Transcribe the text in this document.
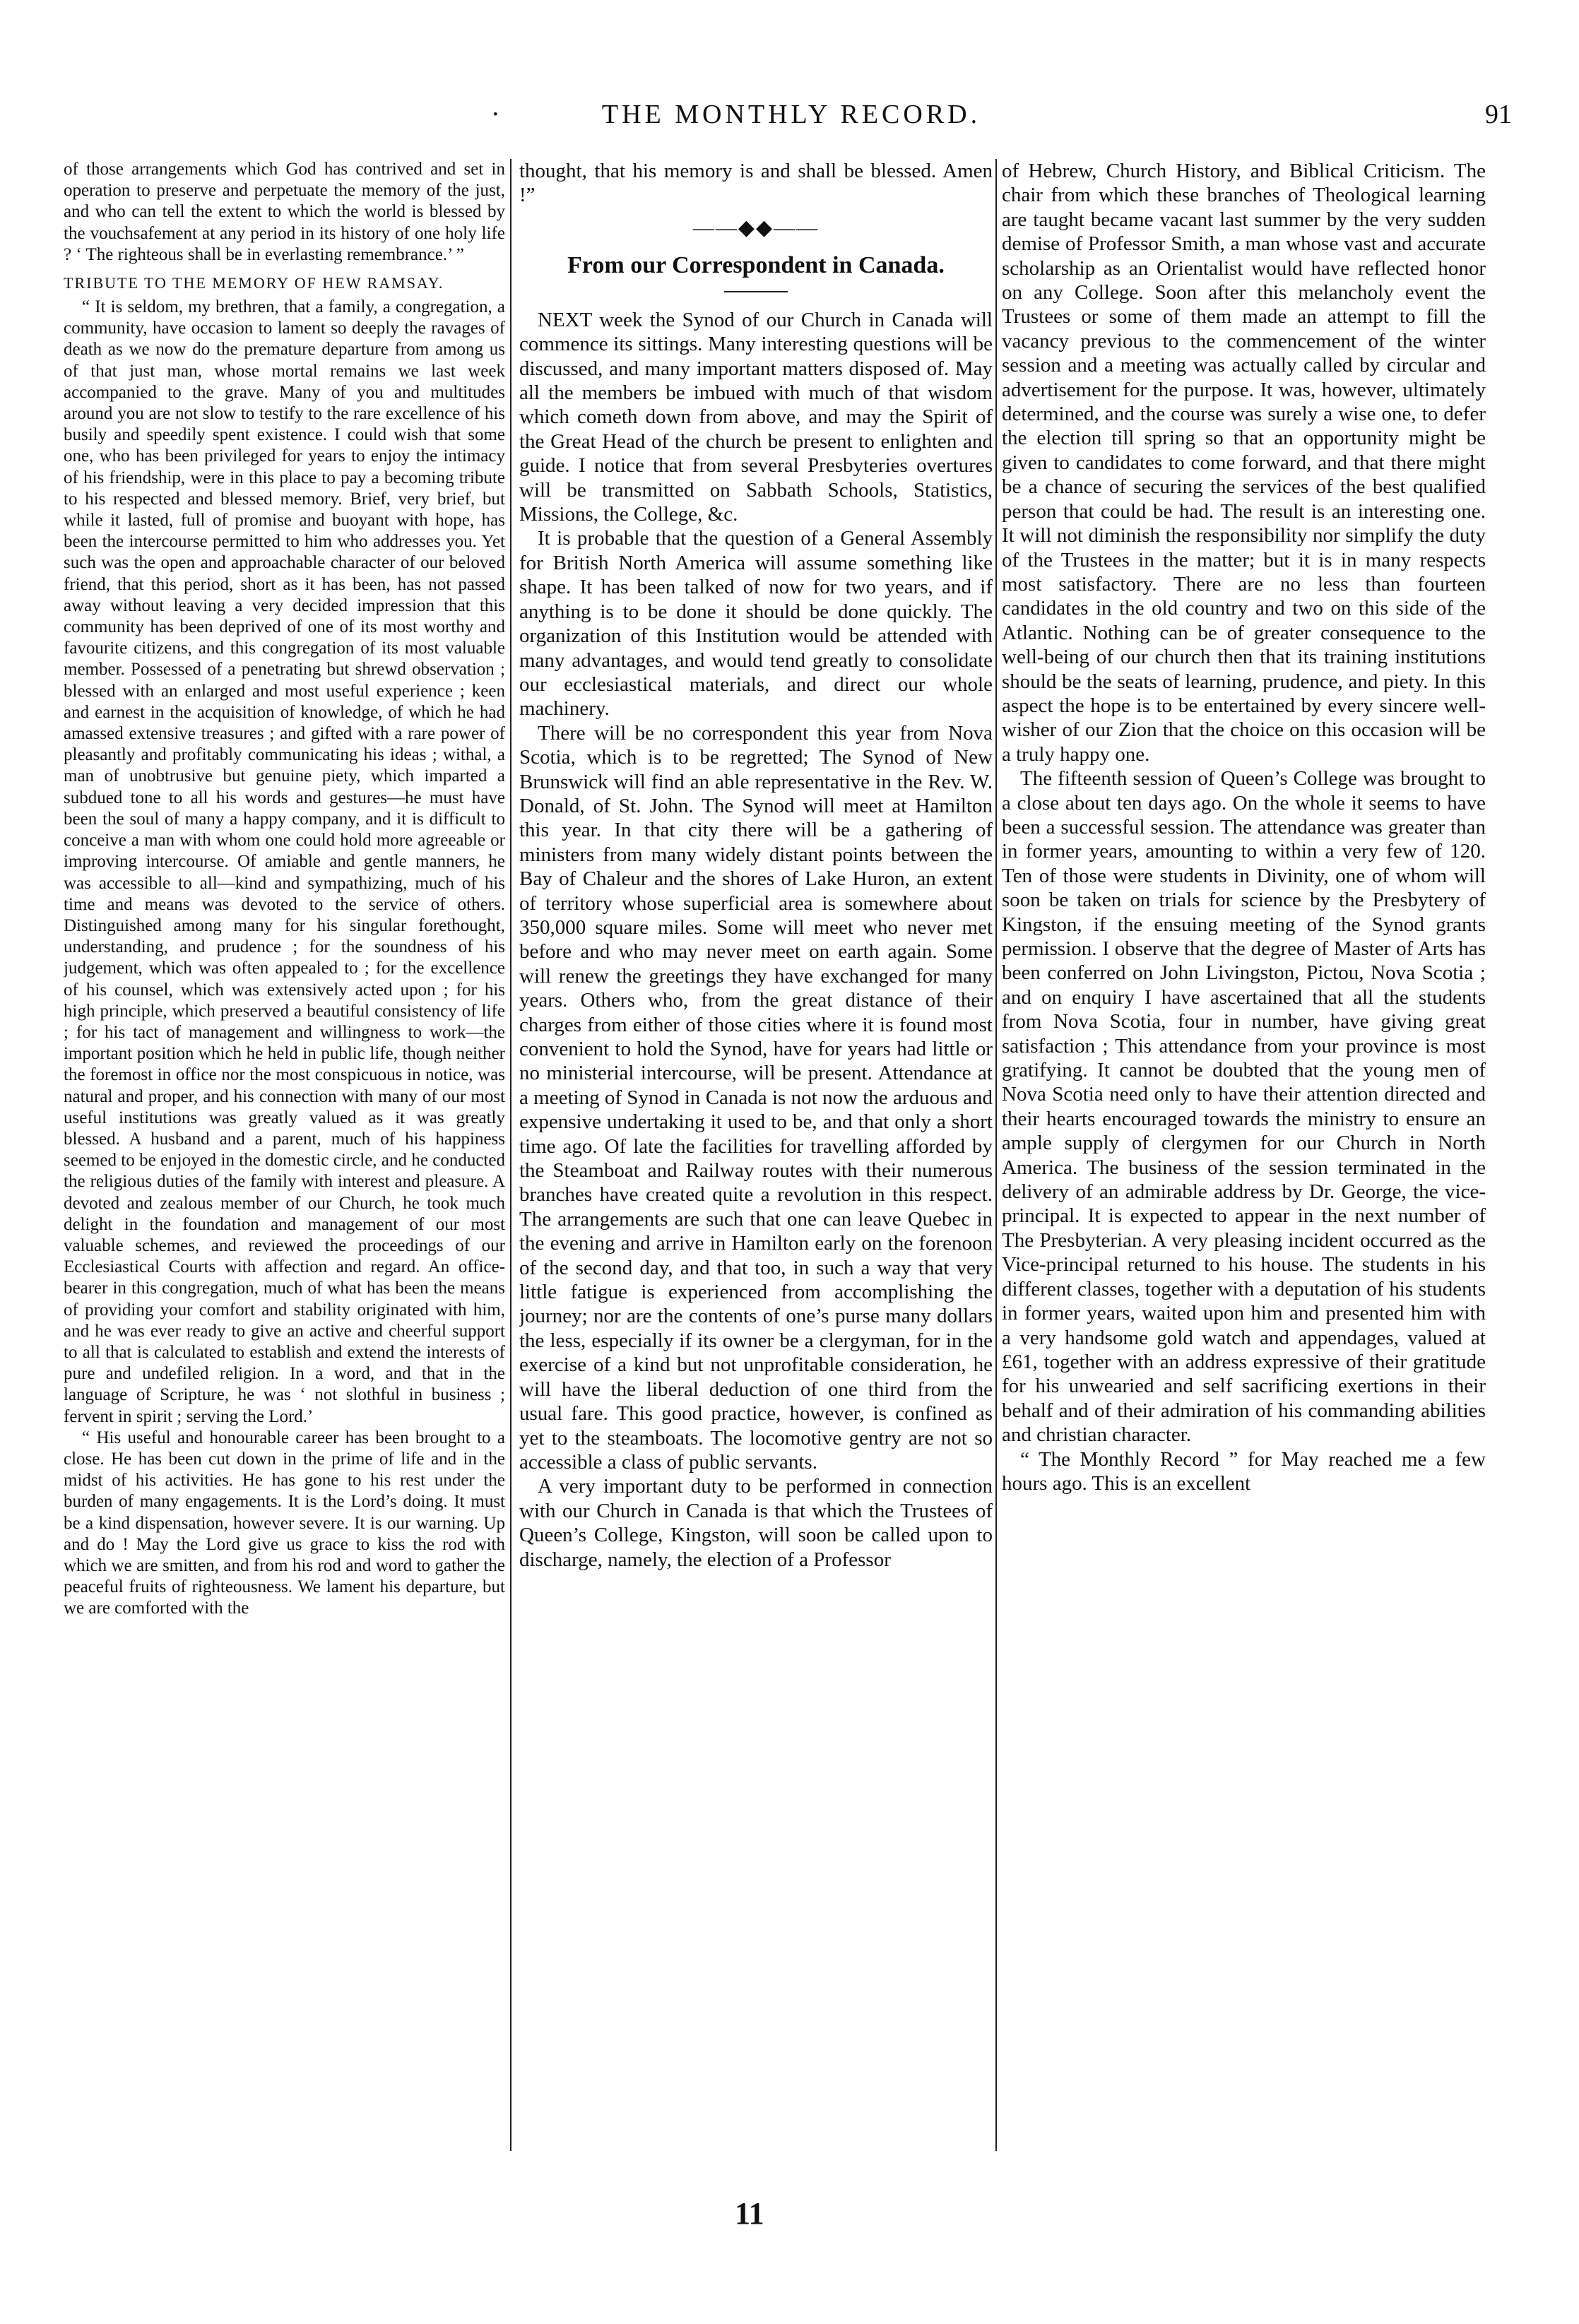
·	THE MONTHLY RECORD.	91

of those arrangements which God has contrived and set in operation to preserve and perpetuate the memory of the just, and who can tell the extent to which the world is blessed by the vouchsafement at any period in its history of one holy life ? ‘ The righteous shall be in everlasting remembrance.’ ”

TRIBUTE TO THE MEMORY OF HEW RAMSAY.

“ It is seldom, my brethren, that a family, a congregation, a community, have occasion to lament so deeply the ravages of death as we now do the premature departure from among us of that just man, whose mortal remains we last week accompanied to the grave. Many of you and multitudes around you are not slow to testify to the rare excellence of his busily and speedily spent existence. I could wish that some one, who has been privileged for years to enjoy the intimacy of his friendship, were in this place to pay a becoming tribute to his respected and blessed memory. Brief, very brief, but while it lasted, full of promise and buoyant with hope, has been the intercourse permitted to him who addresses you. Yet such was the open and approachable character of our beloved friend, that this period, short as it has been, has not passed away without leaving a very decided impression that this community has been deprived of one of its most worthy and favourite citizens, and this congregation of its most valuable member. Possessed of a penetrating but shrewd observation ; blessed with an enlarged and most useful experience ; keen and earnest in the acquisition of knowledge, of which he had amassed extensive treasures ; and gifted with a rare power of pleasantly and profitably communicating his ideas ; withal, a man of unobtrusive but genuine piety, which imparted a subdued tone to all his words and gestures—he must have been the soul of many a happy company, and it is difficult to conceive a man with whom one could hold more agreeable or improving intercourse. Of amiable and gentle manners, he was accessible to all—kind and sympathizing, much of his time and means was devoted to the service of others. Distinguished among many for his singular forethought, understanding, and prudence ; for the soundness of his judgement, which was often appealed to ; for the excellence of his counsel, which was extensively acted upon ; for his high principle, which preserved a beautiful consistency of life ; for his tact of management and willingness to work—the important position which he held in public life, though neither the foremost in office nor the most conspicuous in notice, was natural and proper, and his connection with many of our most useful institutions was greatly valued as it was greatly blessed. A husband and a parent, much of his happiness seemed to be enjoyed in the domestic circle, and he conducted the religious duties of the family with interest and pleasure. A devoted and zealous member of our Church, he took much delight in the foundation and management of our most valuable schemes, and reviewed the proceedings of our Ecclesiastical Courts with affection and regard. An office-bearer in this congregation, much of what has been the means of providing your comfort and stability originated with him, and he was ever ready to give an active and cheerful support to all that is calculated to establish and extend the interests of pure and undefiled religion. In a word, and that in the language of Scripture, he was ‘ not slothful in business ; fervent in spirit ; serving the Lord.’

“ His useful and honourable career has been brought to a close. He has been cut down in the prime of life and in the midst of his activities. He has gone to his rest under the burden of many engagements. It is the Lord’s doing. It must be a kind dispensation, however severe. It is our warning. Up and do ! May the Lord give us grace to kiss the rod with which we are smitten, and from his rod and word to gather the peaceful fruits of righteousness. We lament his departure, but we are comforted with the

thought, that his memory is and shall be blessed. Amen !”

——◆◆——
From our Correspondent in Canada.

NEXT week the Synod of our Church in Canada will commence its sittings. Many interesting questions will be discussed, and many important matters disposed of. May all the members be imbued with much of that wisdom which cometh down from above, and may the Spirit of the Great Head of the church be present to enlighten and guide. I notice that from several Presbyteries overtures will be transmitted on Sabbath Schools, Statistics, Missions, the College, &c.

It is probable that the question of a General Assembly for British North America will assume something like shape. It has been talked of now for two years, and if anything is to be done it should be done quickly. The organization of this Institution would be attended with many advantages, and would tend greatly to consolidate our ecclesiastical materials, and direct our whole machinery.

There will be no correspondent this year from Nova Scotia, which is to be regretted; The Synod of New Brunswick will find an able representative in the Rev. W. Donald, of St. John. The Synod will meet at Hamilton this year. In that city there will be a gathering of ministers from many widely distant points between the Bay of Chaleur and the shores of Lake Huron, an extent of territory whose superficial area is somewhere about 350,000 square miles. Some will meet who never met before and who may never meet on earth again. Some will renew the greetings they have exchanged for many years. Others who, from the great distance of their charges from either of those cities where it is found most convenient to hold the Synod, have for years had little or no ministerial intercourse, will be present. Attendance at a meeting of Synod in Canada is not now the arduous and expensive undertaking it used to be, and that only a short time ago. Of late the facilities for travelling afforded by the Steamboat and Railway routes with their numerous branches have created quite a revolution in this respect. The arrangements are such that one can leave Quebec in the evening and arrive in Hamilton early on the forenoon of the second day, and that too, in such a way that very little fatigue is experienced from accomplishing the journey; nor are the contents of one’s purse many dollars the less, especially if its owner be a clergyman, for in the exercise of a kind but not unprofitable consideration, he will have the liberal deduction of one third from the usual fare. This good practice, however, is confined as yet to the steamboats. The locomotive gentry are not so accessible a class of public servants.

A very important duty to be performed in connection with our Church in Canada is that which the Trustees of Queen’s College, Kingston, will soon be called upon to discharge, namely, the election of a Professor

of Hebrew, Church History, and Biblical Criticism. The chair from which these branches of Theological learning are taught became vacant last summer by the very sudden demise of Professor Smith, a man whose vast and accurate scholarship as an Orientalist would have reflected honor on any College. Soon after this melancholy event the Trustees or some of them made an attempt to fill the vacancy previous to the commencement of the winter session and a meeting was actually called by circular and advertisement for the purpose. It was, however, ultimately determined, and the course was surely a wise one, to defer the election till spring so that an opportunity might be given to candidates to come forward, and that there might be a chance of securing the services of the best qualified person that could be had. The result is an interesting one. It will not diminish the responsibility nor simplify the duty of the Trustees in the matter; but it is in many respects most satisfactory. There are no less than fourteen candidates in the old country and two on this side of the Atlantic. Nothing can be of greater consequence to the well-being of our church then that its training institutions should be the seats of learning, prudence, and piety. In this aspect the hope is to be entertained by every sincere well-wisher of our Zion that the choice on this occasion will be a truly happy one.

The fifteenth session of Queen’s College was brought to a close about ten days ago. On the whole it seems to have been a successful session. The attendance was greater than in former years, amounting to within a very few of 120. Ten of those were students in Divinity, one of whom will soon be taken on trials for science by the Presbytery of Kingston, if the ensuing meeting of the Synod grants permission. I observe that the degree of Master of Arts has been conferred on John Livingston, Pictou, Nova Scotia ; and on enquiry I have ascertained that all the students from Nova Scotia, four in number, have giving great satisfaction ; This attendance from your province is most gratifying. It cannot be doubted that the young men of Nova Scotia need only to have their attention directed and their hearts encouraged towards the ministry to ensure an ample supply of clergymen for our Church in North America. The business of the session terminated in the delivery of an admirable address by Dr. George, the vice-principal. It is expected to appear in the next number of The Presbyterian. A very pleasing incident occurred as the Vice-principal returned to his house. The students in his different classes, together with a deputation of his students in former years, waited upon him and presented him with a very handsome gold watch and appendages, valued at £61, together with an address expressive of their gratitude for his unwearied and self sacrificing exertions in their behalf and of their admiration of his commanding abilities and christian character.

“ The Monthly Record ” for May reached me a few hours ago. This is an excellent

11
